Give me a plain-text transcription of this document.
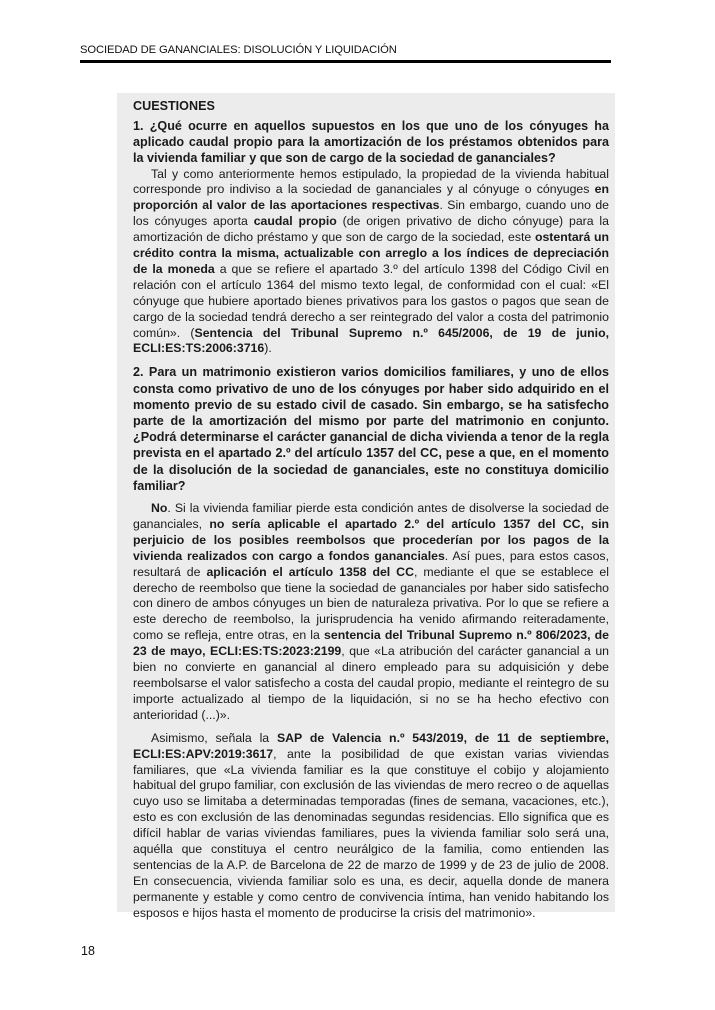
SOCIEDAD DE GANANCIALES: DISOLUCIÓN Y LIQUIDACIÓN

CUESTIONES

1. ¿Qué ocurre en aquellos supuestos en los que uno de los cónyuges ha aplicado caudal propio para la amortización de los préstamos obtenidos para la vivienda familiar y que son de cargo de la sociedad de gananciales?

Tal y como anteriormente hemos estipulado, la propiedad de la vivienda habitual corresponde pro indiviso a la sociedad de gananciales y al cónyuge o cónyuges en proporción al valor de las aportaciones respectivas. Sin embargo, cuando uno de los cónyuges aporta caudal propio (de origen privativo de dicho cónyuge) para la amortización de dicho préstamo y que son de cargo de la sociedad, este ostentará un crédito contra la misma, actualizable con arreglo a los índices de depreciación de la moneda a que se refiere el apartado 3.º del artículo 1398 del Código Civil en relación con el artículo 1364 del mismo texto legal, de conformidad con el cual: «El cónyuge que hubiere aportado bienes privativos para los gastos o pagos que sean de cargo de la sociedad tendrá derecho a ser reintegrado del valor a costa del patrimonio común». (Sentencia del Tribunal Supremo n.º 645/2006, de 19 de junio, ECLI:ES:TS:2006:3716).

2. Para un matrimonio existieron varios domicilios familiares, y uno de ellos consta como privativo de uno de los cónyuges por haber sido adquirido en el momento previo de su estado civil de casado. Sin embargo, se ha satisfecho parte de la amortización del mismo por parte del matrimonio en conjunto. ¿Podrá determinarse el carácter ganancial de dicha vivienda a tenor de la regla prevista en el apartado 2.º del artículo 1357 del CC, pese a que, en el momento de la disolución de la sociedad de gananciales, este no constituya domicilio familiar?

No. Si la vivienda familiar pierde esta condición antes de disolverse la sociedad de gananciales, no sería aplicable el apartado 2.º del artículo 1357 del CC, sin perjuicio de los posibles reembolsos que procederían por los pagos de la vivienda realizados con cargo a fondos gananciales. Así pues, para estos casos, resultará de aplicación el artículo 1358 del CC, mediante el que se establece el derecho de reembolso que tiene la sociedad de gananciales por haber sido satisfecho con dinero de ambos cónyuges un bien de naturaleza privativa. Por lo que se refiere a este derecho de reembolso, la jurisprudencia ha venido afirmando reiteradamente, como se refleja, entre otras, en la sentencia del Tribunal Supremo n.º 806/2023, de 23 de mayo, ECLI:ES:TS:2023:2199, que «La atribución del carácter ganancial a un bien no convierte en ganancial al dinero empleado para su adquisición y debe reembolsarse el valor satisfecho a costa del caudal propio, mediante el reintegro de su importe actualizado al tiempo de la liquidación, si no se ha hecho efectivo con anterioridad (...)».

Asimismo, señala la SAP de Valencia n.º 543/2019, de 11 de septiembre, ECLI:ES:APV:2019:3617, ante la posibilidad de que existan varias viviendas familiares, que «La vivienda familiar es la que constituye el cobijo y alojamiento habitual del grupo familiar, con exclusión de las viviendas de mero recreo o de aquellas cuyo uso se limitaba a determinadas temporadas (fines de semana, vacaciones, etc.), esto es con exclusión de las denominadas segundas residencias. Ello significa que es difícil hablar de varias viviendas familiares, pues la vivienda familiar solo será una, aquélla que constituya el centro neurálgico de la familia, como entienden las sentencias de la A.P. de Barcelona de 22 de marzo de 1999 y de 23 de julio de 2008. En consecuencia, vivienda familiar solo es una, es decir, aquella donde de manera permanente y estable y como centro de convivencia íntima, han venido habitando los esposos e hijos hasta el momento de producirse la crisis del matrimonio».

18
